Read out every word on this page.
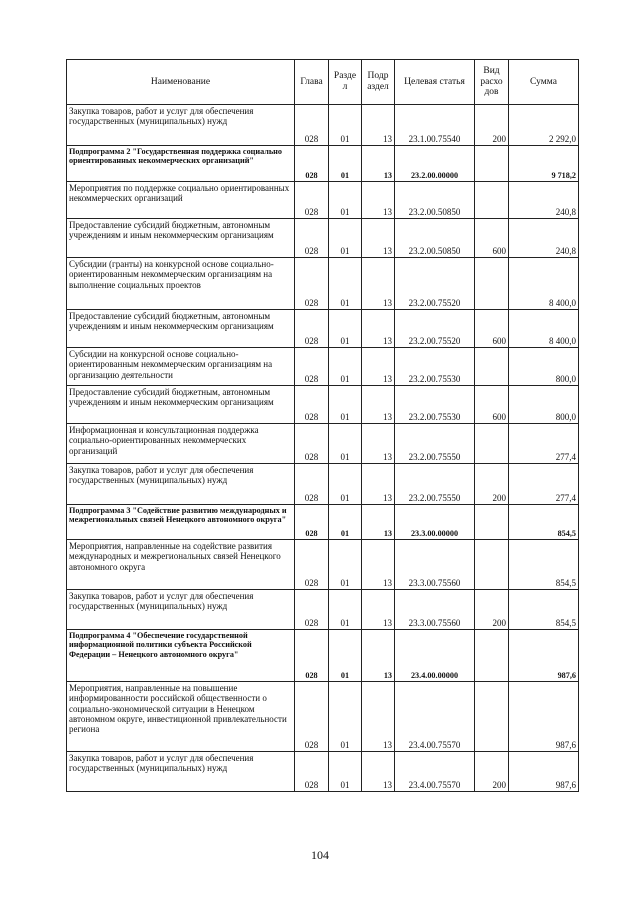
Наименование	Глава	Разде л	Подр аздел	Целевая статья	Вид расхо дов	Сумма
Закупка товаров, работ и услуг для обеспечения государственных (муниципальных) нужд	028	01	13	23.1.00.75540	200	2 292,0
Подпрограмма 2 "Государственная поддержка социально ориентированных некоммерческих организаций"	028	01	13	23.2.00.00000		9 718,2
Мероприятия по поддержке социально ориентированных некоммерческих организаций	028	01	13	23.2.00.50850		240,8
Предоставление субсидий бюджетным, автономным учреждениям и иным некоммерческим организациям	028	01	13	23.2.00.50850	600	240,8
Субсидии (гранты) на конкурсной основе социально-ориентированным некоммерческим организациям на выполнение социальных проектов	028	01	13	23.2.00.75520		8 400,0
Предоставление субсидий бюджетным, автономным учреждениям и иным некоммерческим организациям	028	01	13	23.2.00.75520	600	8 400,0
Субсидии на конкурсной основе социально-ориентированным некоммерческим организациям на организацию деятельности	028	01	13	23.2.00.75530		800,0
Предоставление субсидий бюджетным, автономным учреждениям и иным некоммерческим организациям	028	01	13	23.2.00.75530	600	800,0
Информационная и консультационная поддержка социально-ориентированных некоммерческих организаций	028	01	13	23.2.00.75550		277,4
Закупка товаров, работ и услуг для обеспечения государственных (муниципальных) нужд	028	01	13	23.2.00.75550	200	277,4
Подпрограмма 3 "Содействие развитию международных и межрегиональных связей Ненецкого автономного округа"	028	01	13	23.3.00.00000		854,5
Мероприятия, направленные на содействие развития международных и межрегиональных связей Ненецкого автономного округа	028	01	13	23.3.00.75560		854,5
Закупка товаров, работ и услуг для обеспечения государственных (муниципальных) нужд	028	01	13	23.3.00.75560	200	854,5
Подпрограмма 4 "Обеспечение государственной информационной политики субъекта Российской Федерации – Ненецкого автономного округа"	028	01	13	23.4.00.00000		987,6
Мероприятия, направленные на повышение информированности российской общественности о социально-экономической ситуации в Ненецком автономном округе, инвестиционной привлекательности региона	028	01	13	23.4.00.75570		987,6
Закупка товаров, работ и услуг для обеспечения государственных (муниципальных) нужд	028	01	13	23.4.00.75570	200	987,6
104
